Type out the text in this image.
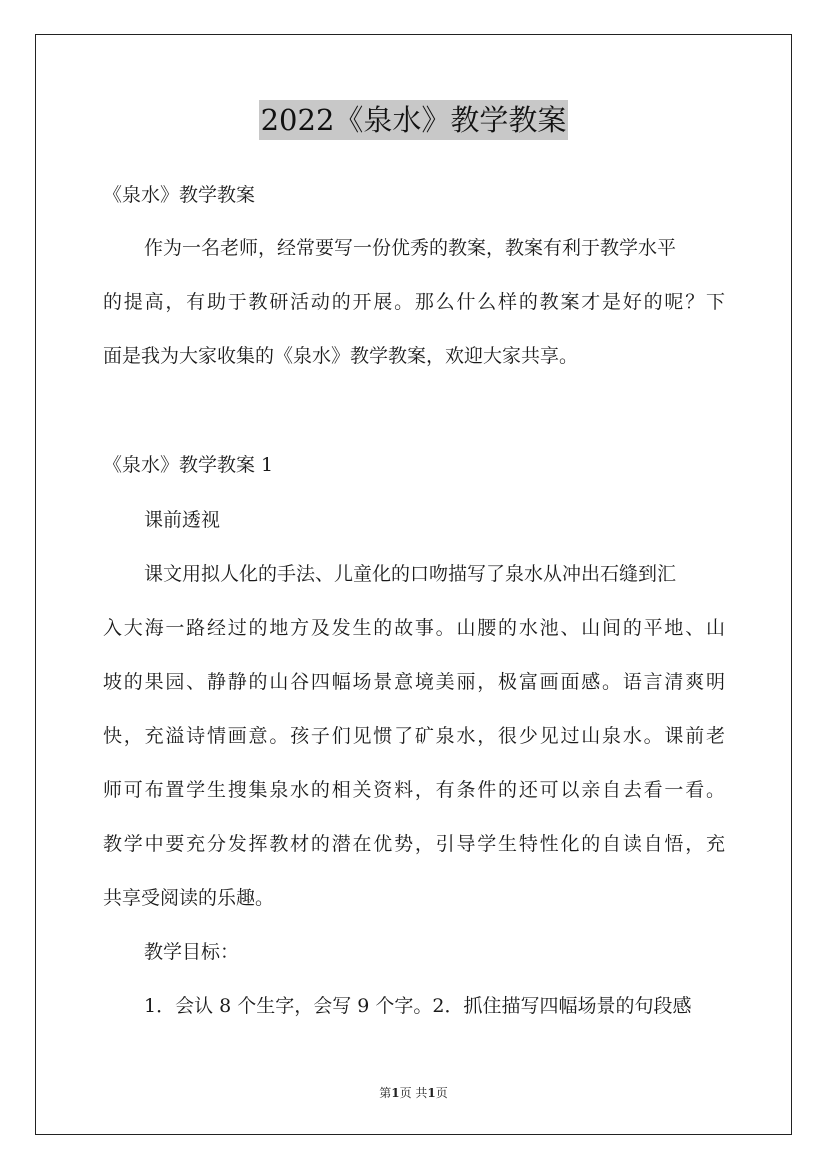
2022《泉水》教学教案
《泉水》教学教案
作为一名老师，经常要写一份优秀的教案，教案有利于教学水平
的提高，有助于教研活动的开展。那么什么样的教案才是好的呢？下
面是我为大家收集的《泉水》教学教案，欢迎大家共享。
《泉水》教学教案 1
课前透视
课文用拟人化的手法、儿童化的口吻描写了泉水从冲出石缝到汇
入大海一路经过的地方及发生的故事。山腰的水池、山间的平地、山
坡的果园、静静的山谷四幅场景意境美丽，极富画面感。语言清爽明
快，充溢诗情画意。孩子们见惯了矿泉水，很少见过山泉水。课前老
师可布置学生搜集泉水的相关资料，有条件的还可以亲自去看一看。
教学中要充分发挥教材的潜在优势，引导学生特性化的自读自悟，充
共享受阅读的乐趣。
教学目标：
1．会认 8 个生字，会写 9 个字。2．抓住描写四幅场景的句段感
第1页 共1页
